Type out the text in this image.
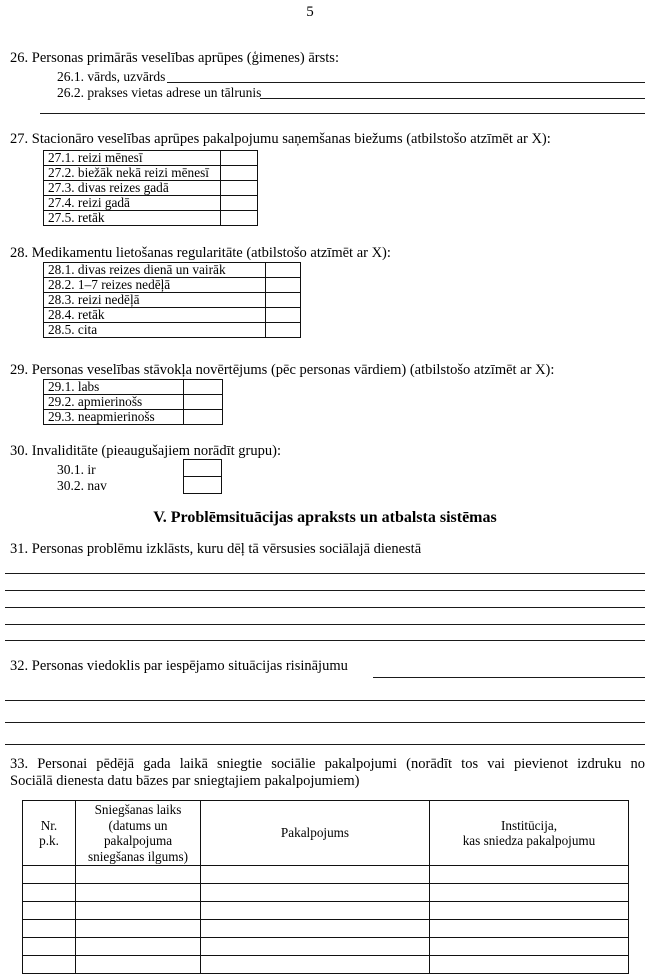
5
26. Personas primārās veselības aprūpes (ģimenes) ārsts:
26.1. vārds, uzvārds
26.2. prakses vietas adrese un tālrunis
27. Stacionāro veselības aprūpes pakalpojumu saņemšanas biežums (atbilstošo atzīmēt ar X):
27.1. reizi mēnesī	
27.2. biežāk nekā reizi mēnesī	
27.3. divas reizes gadā	
27.4. reizi gadā	
27.5. retāk	
28. Medikamentu lietošanas regularitāte (atbilstošo atzīmēt ar X):
28.1. divas reizes dienā un vairāk	
28.2. 1–7 reizes nedēļā	
28.3. reizi nedēļā	
28.4. retāk	
28.5. cita	
29. Personas veselības stāvokļa novērtējums (pēc personas vārdiem) (atbilstošo atzīmēt ar X):
29.1. labs	
29.2. apmierinošs	
29.3. neapmierinošs	
30. Invaliditāte (pieaugušajiem norādīt grupu):
30.1. ir
30.2. nav

V. Problēmsituācijas apraksts un atbalsta sistēmas
31. Personas problēmu izklāsts, kuru dēļ tā vērsusies sociālajā dienestā
32. Personas viedoklis par iespējamo situācijas risinājumu
33. Personai pēdējā gada laikā sniegtie sociālie pakalpojumi (norādīt tos vai pievienot izdruku no
Sociālā dienesta datu bāzes par sniegtajiem pakalpojumiem)
Nr.
p.k.	Sniegšanas laiks
(datums un
pakalpojuma
sniegšanas ilgums)	Pakalpojums	Institūcija,
kas sniedza pakalpojumu
